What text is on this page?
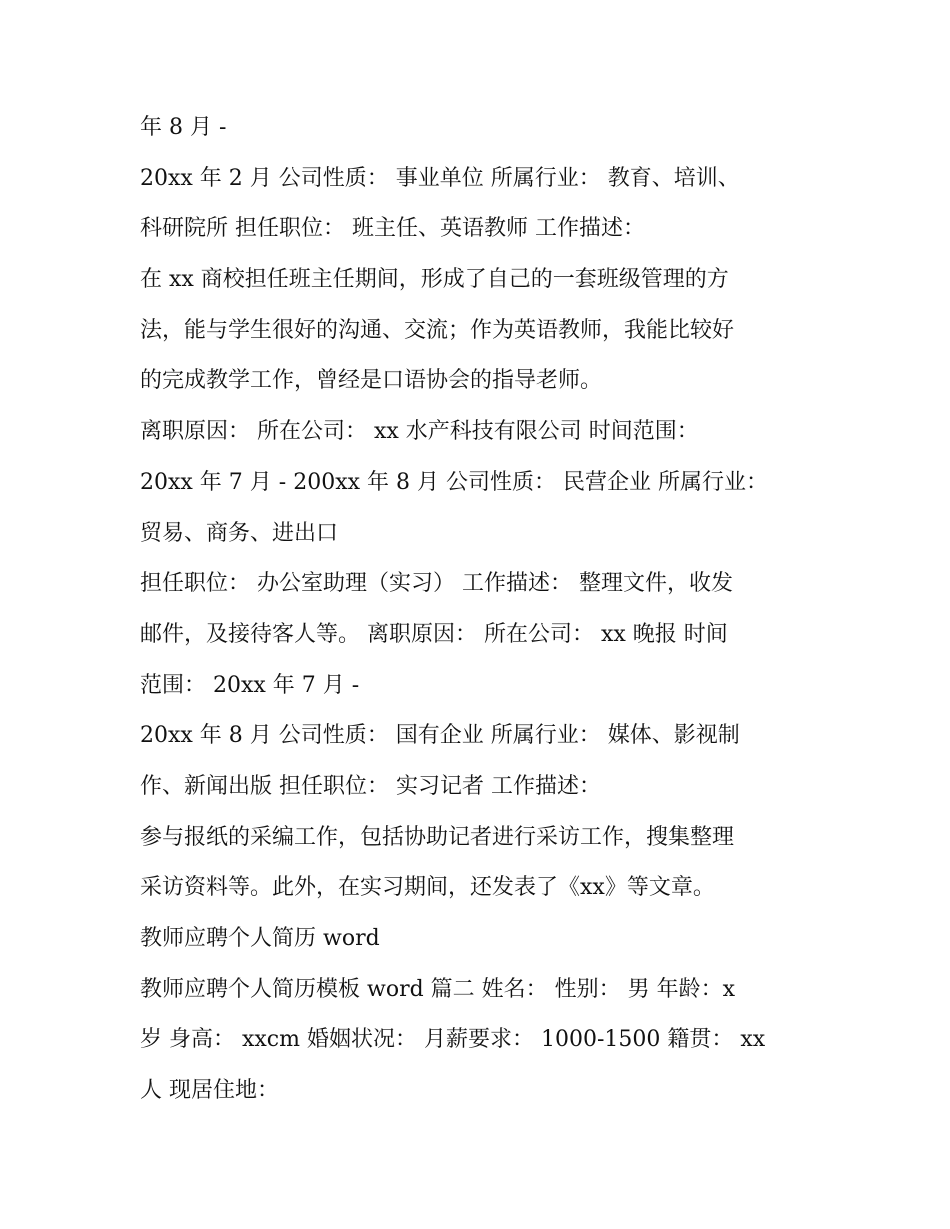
年 8 月 -
20xx 年 2 月 公司性质： 事业单位 所属行业： 教育、培训、
科研院所 担任职位： 班主任、英语教师 工作描述：
在 xx 商校担任班主任期间，形成了自己的一套班级管理的方
法，能与学生很好的沟通、交流；作为英语教师，我能比较好
的完成教学工作，曾经是口语协会的指导老师。
离职原因： 所在公司： xx 水产科技有限公司 时间范围：
20xx 年 7 月 - 200xx 年 8 月 公司性质： 民营企业 所属行业：
贸易、商务、进出口
担任职位： 办公室助理（实习） 工作描述： 整理文件，收发
邮件，及接待客人等。 离职原因： 所在公司： xx 晚报 时间
范围： 20xx 年 7 月 -
20xx 年 8 月 公司性质： 国有企业 所属行业： 媒体、影视制
作、新闻出版 担任职位： 实习记者 工作描述：
参与报纸的采编工作，包括协助记者进行采访工作，搜集整理
采访资料等。此外，在实习期间，还发表了《xx》等文章。
教师应聘个人简历 word
教师应聘个人简历模板 word 篇二 姓名： 性别： 男 年龄：x
岁 身高： xxcm 婚姻状况： 月薪要求： 1000-1500 籍贯： xx
人 现居住地：
